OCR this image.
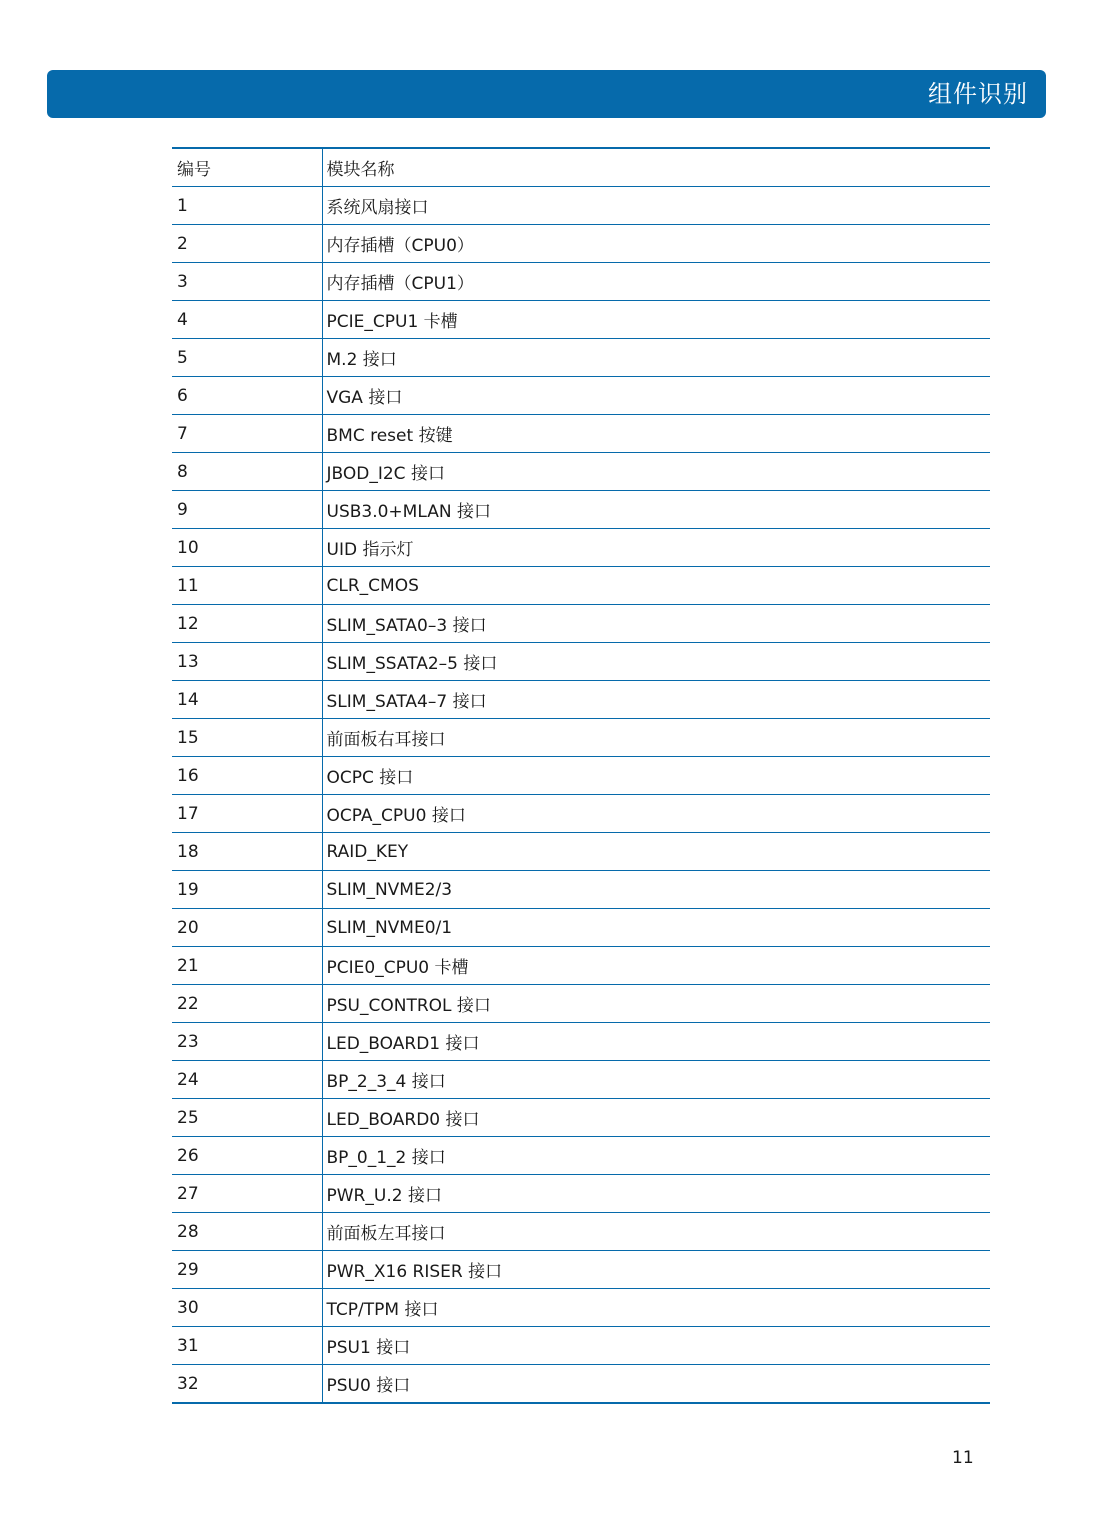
组件识别
编号	模块名称
1	系统风扇接口
2	内存插槽（CPU0）
3	内存插槽（CPU1）
4	PCIE_CPU1 卡槽
5	M.2 接口
6	VGA 接口
7	BMC reset 按键
8	JBOD_I2C 接口
9	USB3.0+MLAN 接口
10	UID 指示灯
11	CLR_CMOS
12	SLIM_SATA0–3 接口
13	SLIM_SSATA2–5 接口
14	SLIM_SATA4–7 接口
15	前面板右耳接口
16	OCPC 接口
17	OCPA_CPU0 接口
18	RAID_KEY
19	SLIM_NVME2/3
20	SLIM_NVME0/1
21	PCIE0_CPU0 卡槽
22	PSU_CONTROL 接口
23	LED_BOARD1 接口
24	BP_2_3_4 接口
25	LED_BOARD0 接口
26	BP_0_1_2 接口
27	PWR_U.2 接口
28	前面板左耳接口
29	PWR_X16 RISER 接口
30	TCP/TPM 接口
31	PSU1 接口
32	PSU0 接口
11
